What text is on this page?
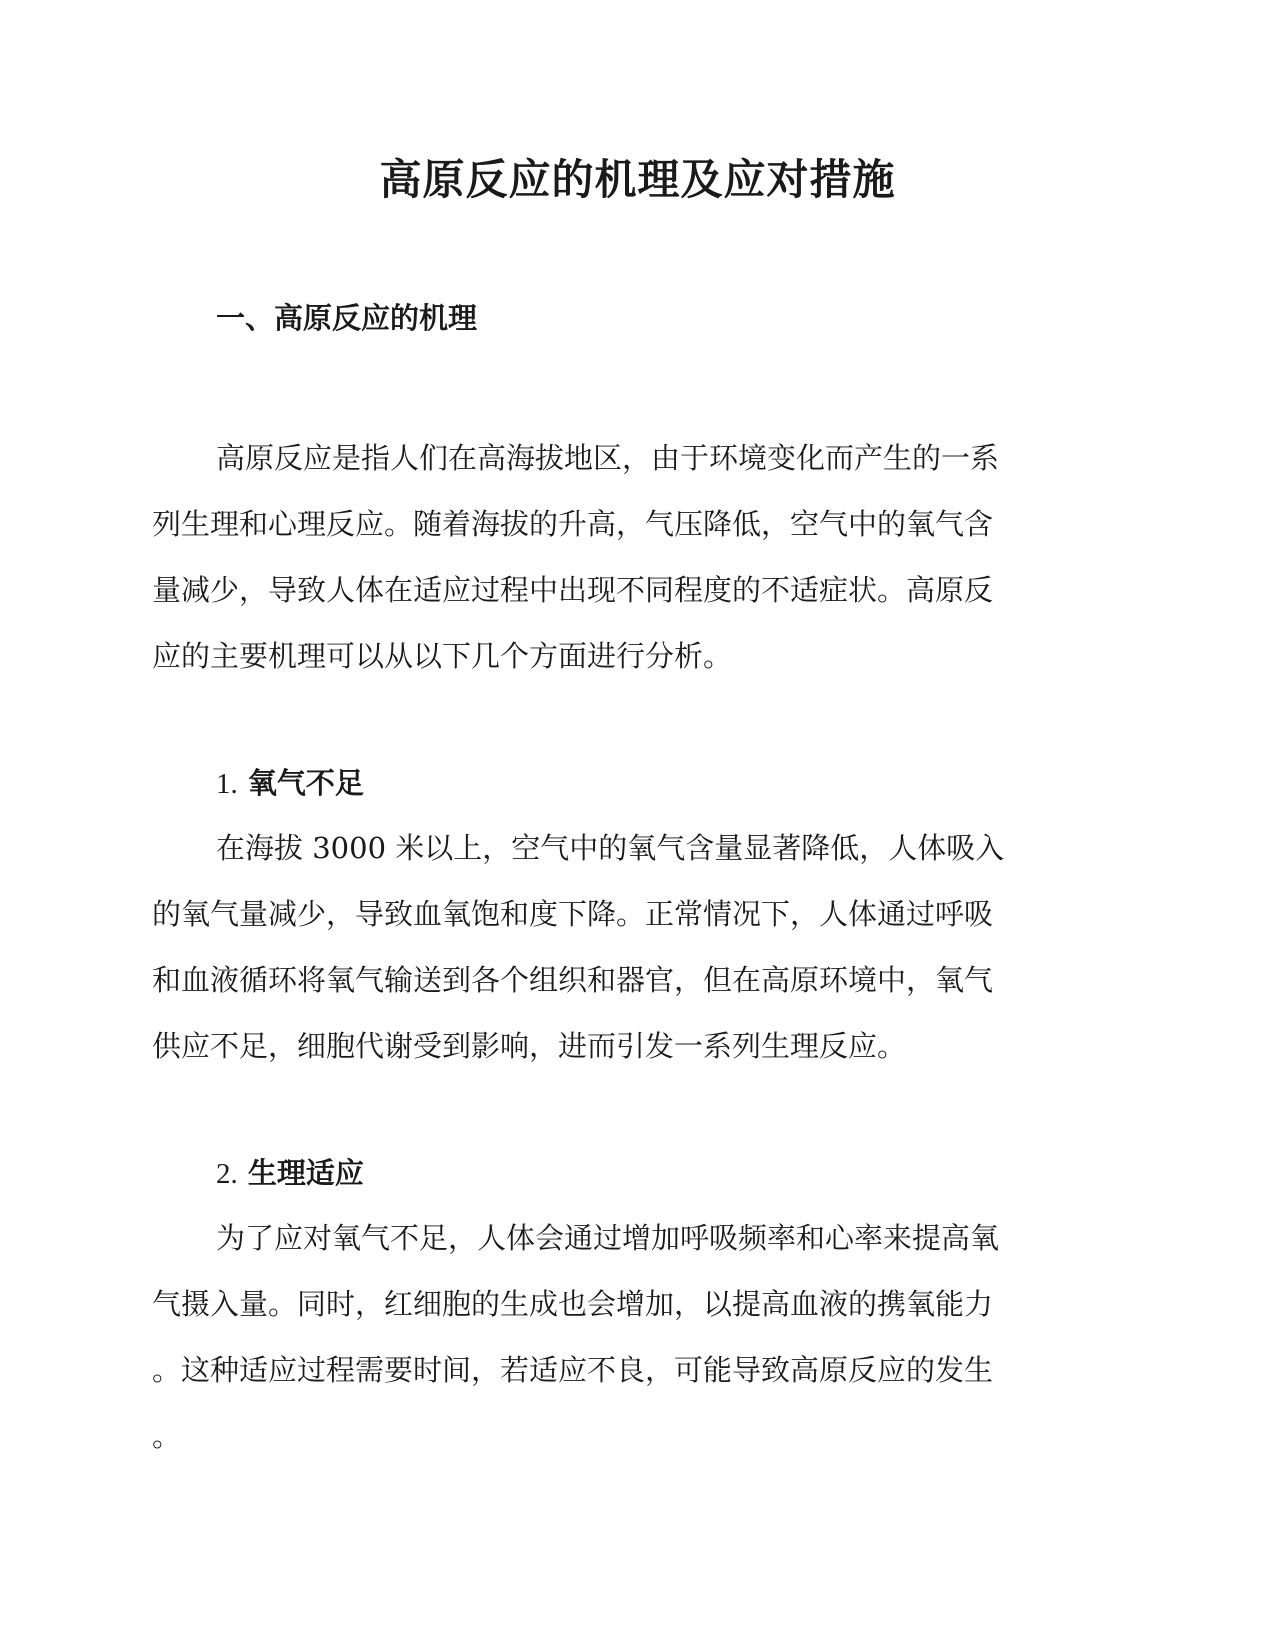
高原反应的机理及应对措施
一、高原反应的机理

高原反应是指人们在高海拔地区，由于环境变化而产生的一系
列生理和心理反应。随着海拔的升高，气压降低，空气中的氧气含
量减少，导致人体在适应过程中出现不同程度的不适症状。高原反
应的主要机理可以从以下几个方面进行分析。

1. 氧气不足

在海拔 3000 米以上，空气中的氧气含量显著降低，人体吸入
的氧气量减少，导致血氧饱和度下降。正常情况下，人体通过呼吸
和血液循环将氧气输送到各个组织和器官，但在高原环境中，氧气
供应不足，细胞代谢受到影响，进而引发一系列生理反应。

2. 生理适应

为了应对氧气不足，人体会通过增加呼吸频率和心率来提高氧
气摄入量。同时，红细胞的生成也会增加，以提高血液的携氧能力
。这种适应过程需要时间，若适应不良，可能导致高原反应的发生
。
